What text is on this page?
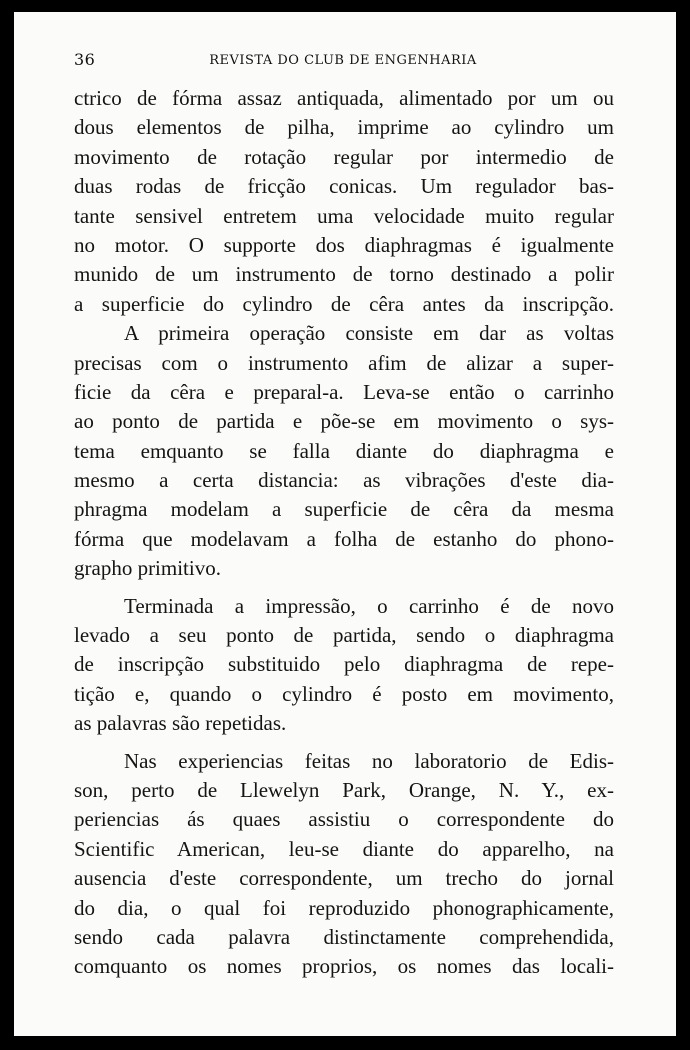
36	REVISTA DO CLUB DE ENGENHARIA
ctrico de fórma assaz antiquada, alimentado por um ou
dous elementos de pilha, imprime ao cylindro um
movimento de rotação regular por intermedio de
duas rodas de fricção conicas. Um regulador bas-
tante sensivel entretem uma velocidade muito regular
no motor. O supporte dos diaphragmas é igualmente
munido de um instrumento de torno destinado a polir
a superficie do cylindro de cêra antes da inscripção.
A primeira operação consiste em dar as voltas
precisas com o instrumento afim de alizar a super-
ficie da cêra e preparal-a. Leva-se então o carrinho
ao ponto de partida e põe-se em movimento o sys-
tema emquanto se falla diante do diaphragma e
mesmo a certa distancia: as vibrações d'este dia-
phragma modelam a superficie de cêra da mesma
fórma que modelavam a folha de estanho do phono-
grapho primitivo.
Terminada a impressão, o carrinho é de novo
levado a seu ponto de partida, sendo o diaphragma
de inscripção substituido pelo diaphragma de repe-
tição e, quando o cylindro é posto em movimento,
as palavras são repetidas.
Nas experiencias feitas no laboratorio de Edis-
son, perto de Llewelyn Park, Orange, N. Y., ex-
periencias ás quaes assistiu o correspondente do
Scientific American, leu-se diante do apparelho, na
ausencia d'este correspondente, um trecho do jornal
do dia, o qual foi reproduzido phonographicamente,
sendo cada palavra distinctamente comprehendida,
comquanto os nomes proprios, os nomes das locali-
